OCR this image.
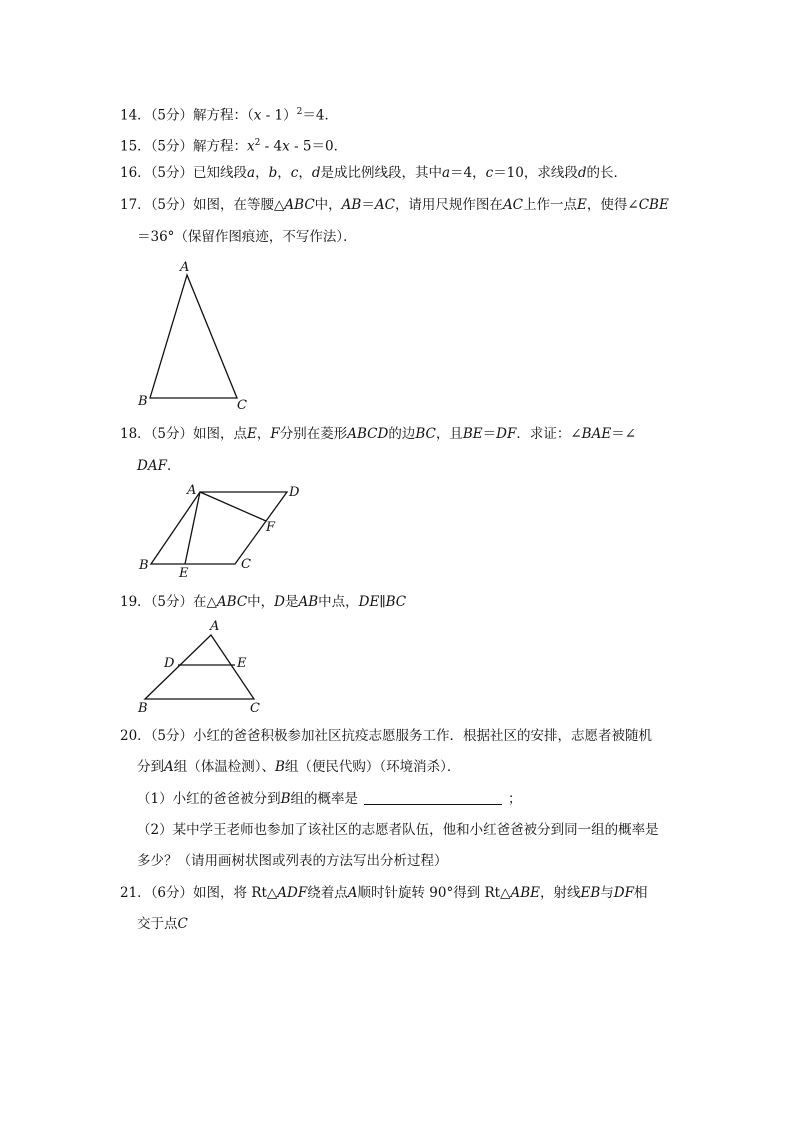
14．（5分）解方程：（x - 1）$^2$＝4．
15．（5分）解方程：$x^2 - 4x - 5=0$．
16．（5分）已知线段a，b，c，d是成比例线段，其中a＝4，c＝10，求线段d的长．
17．（5分）如图，在等腰△ABC中，AB＝AC，请用尺规作图在AC上作一点E，使得∠CBE
＝36°（保留作图痕迹，不写作法）．
18．（5分）如图，点E，F分别在菱形ABCD的边BC，且BE＝DF．求证：∠BAE＝∠
DAF．
19．（5分）在△ABC中，D是AB中点，DE∥BC
20．（5分）小红的爸爸积极参加社区抗疫志愿服务工作．根据社区的安排，志愿者被随机
分到A组（体温检测）、B组（便民代购）（环境消杀）．
（1）小红的爸爸被分到B组的概率是	；
（2）某中学王老师也参加了该社区的志愿者队伍，他和小红爸爸被分到同一组的概率是
多少？（请用画树状图或列表的方法写出分析过程）
21．（6分）如图，将 Rt△ADF绕着点A顺时针旋转 90°得到 Rt△ABE，射线EB与DF相
交于点C
A
B	C
A	D
F
B	C
E
A
D	E
B	C
